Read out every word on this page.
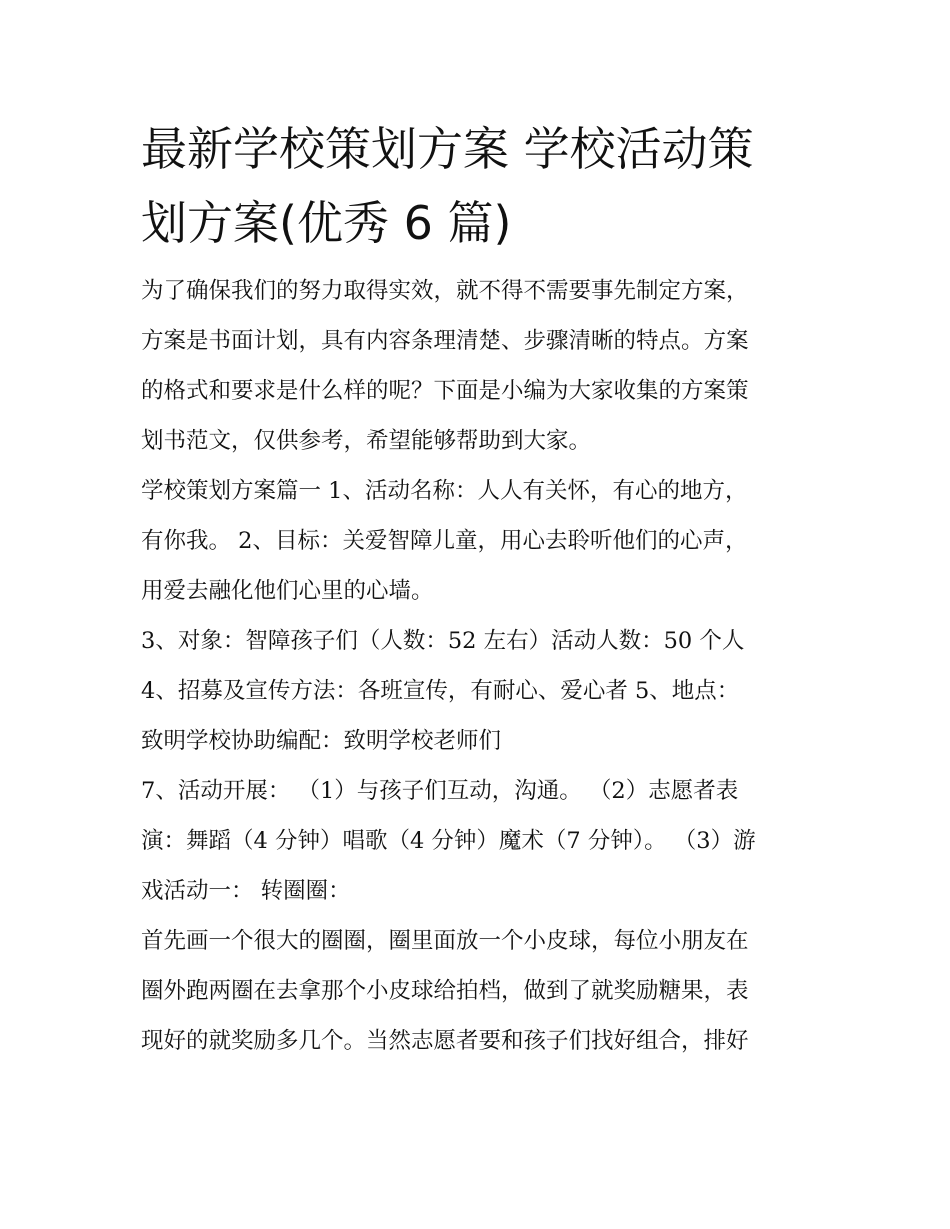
最新学校策划方案 学校活动策
划方案(优秀 6 篇)

为了确保我们的努力取得实效，就不得不需要事先制定方案，
方案是书面计划，具有内容条理清楚、步骤清晰的特点。方案
的格式和要求是什么样的呢？下面是小编为大家收集的方案策
划书范文，仅供参考，希望能够帮助到大家。

学校策划方案篇一 1、活动名称：人人有关怀，有心的地方，
有你我。 2、目标：关爱智障儿童，用心去聆听他们的心声，
用爱去融化他们心里的心墙。

3、对象：智障孩子们（人数：52 左右）活动人数：50 个人

4、招募及宣传方法：各班宣传，有耐心、爱心者 5、地点：
致明学校协助编配：致明学校老师们

7、活动开展： （1）与孩子们互动，沟通。 （2）志愿者表
演：舞蹈（4 分钟）唱歌（4 分钟）魔术（7 分钟）。 （3）游
戏活动一： 转圈圈：

首先画一个很大的圈圈，圈里面放一个小皮球，每位小朋友在
圈外跑两圈在去拿那个小皮球给拍档，做到了就奖励糖果，表
现好的就奖励多几个。当然志愿者要和孩子们找好组合，排好
